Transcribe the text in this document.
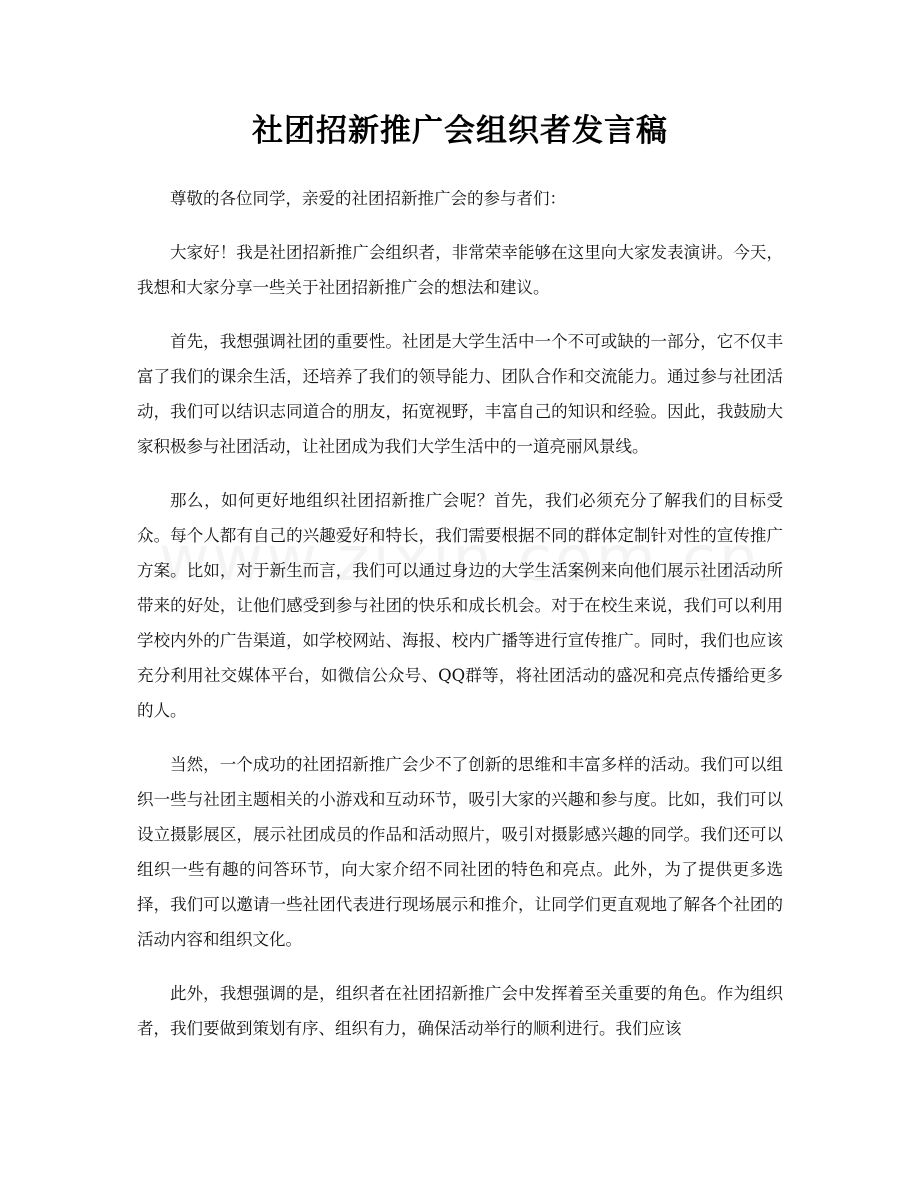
社团招新推广会组织者发言稿

尊敬的各位同学，亲爱的社团招新推广会的参与者们：

大家好！我是社团招新推广会组织者，非常荣幸能够在这里向大家发表演讲。今天，我想和大家分享一些关于社团招新推广会的想法和建议。

首先，我想强调社团的重要性。社团是大学生活中一个不可或缺的一部分，它不仅丰富了我们的课余生活，还培养了我们的领导能力、团队合作和交流能力。通过参与社团活动，我们可以结识志同道合的朋友，拓宽视野，丰富自己的知识和经验。因此，我鼓励大家积极参与社团活动，让社团成为我们大学生活中的一道亮丽风景线。

那么，如何更好地组织社团招新推广会呢？首先，我们必须充分了解我们的目标受众。每个人都有自己的兴趣爱好和特长，我们需要根据不同的群体定制针对性的宣传推广方案。比如，对于新生而言，我们可以通过身边的大学生活案例来向他们展示社团活动所带来的好处，让他们感受到参与社团的快乐和成长机会。对于在校生来说，我们可以利用学校内外的广告渠道，如学校网站、海报、校内广播等进行宣传推广。同时，我们也应该充分利用社交媒体平台，如微信公众号、QQ群等，将社团活动的盛况和亮点传播给更多的人。

当然，一个成功的社团招新推广会少不了创新的思维和丰富多样的活动。我们可以组织一些与社团主题相关的小游戏和互动环节，吸引大家的兴趣和参与度。比如，我们可以设立摄影展区，展示社团成员的作品和活动照片，吸引对摄影感兴趣的同学。我们还可以组织一些有趣的问答环节，向大家介绍不同社团的特色和亮点。此外，为了提供更多选择，我们可以邀请一些社团代表进行现场展示和推介，让同学们更直观地了解各个社团的活动内容和组织文化。

此外，我想强调的是，组织者在社团招新推广会中发挥着至关重要的角色。作为组织者，我们要做到策划有序、组织有力，确保活动举行的顺利进行。我们应该
